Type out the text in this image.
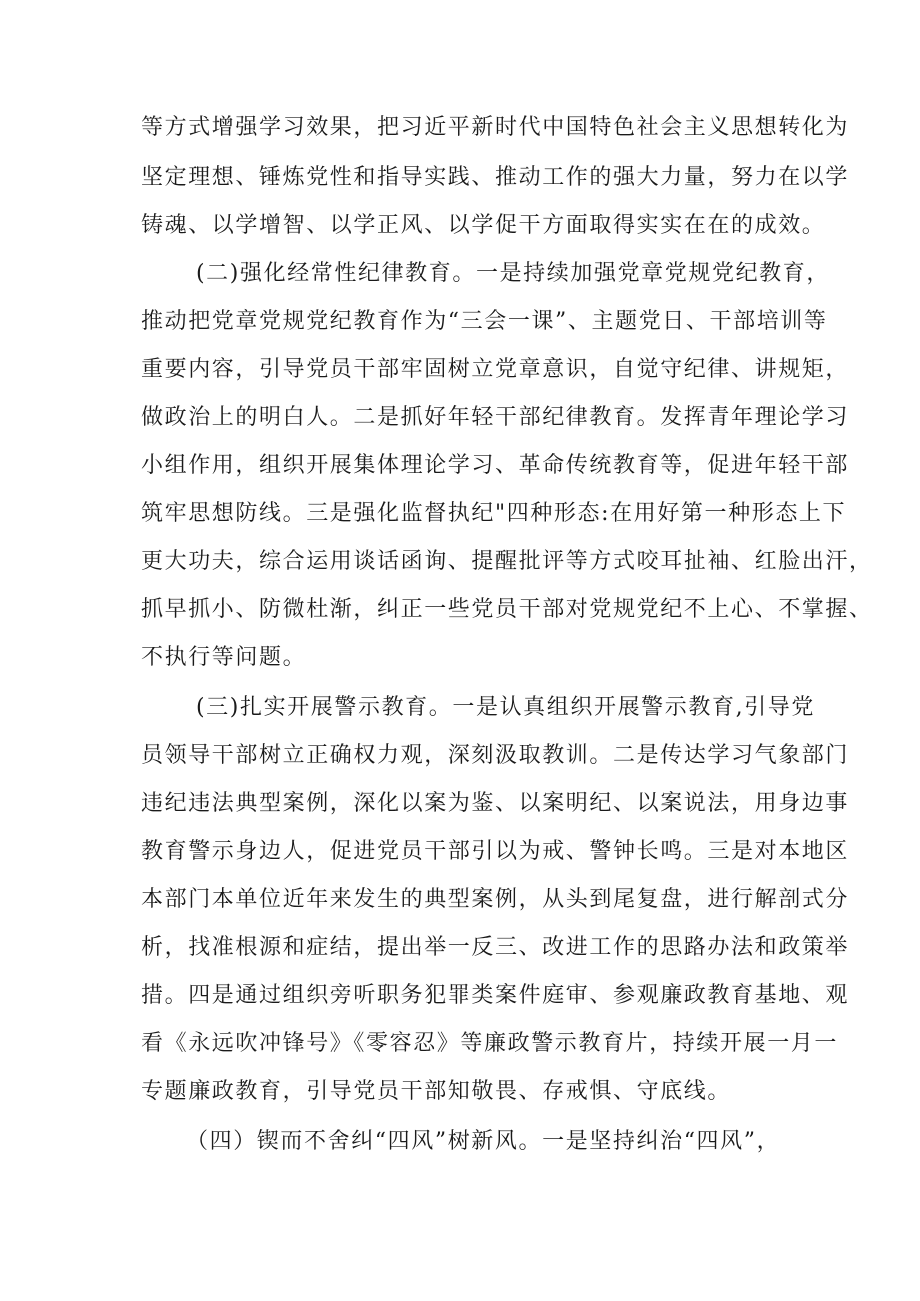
等方式增强学习效果，把习近平新时代中国特色社会主义思想转化为
坚定理想、锤炼党性和指导实践、推动工作的强大力量，努力在以学
铸魂、以学增智、以学正风、以学促干方面取得实实在在的成效。
(二)强化经常性纪律教育。一是持续加强党章党规党纪教育，
推动把党章党规党纪教育作为“三会一课”、主题党日、干部培训等
重要内容，引导党员干部牢固树立党章意识，自觉守纪律、讲规矩，
做政治上的明白人。二是抓好年轻干部纪律教育。发挥青年理论学习
小组作用，组织开展集体理论学习、革命传统教育等，促进年轻干部
筑牢思想防线。三是强化监督执纪"四种形态:在用好第一种形态上下
更大功夫，综合运用谈话函询、提醒批评等方式咬耳扯袖、红脸出汗，
抓早抓小、防微杜渐，纠正一些党员干部对党规党纪不上心、不掌握、
不执行等问题。
(三)扎实开展警示教育。一是认真组织开展警示教育,引导党
员领导干部树立正确权力观，深刻汲取教训。二是传达学习气象部门
违纪违法典型案例，深化以案为鉴、以案明纪、以案说法，用身边事
教育警示身边人，促进党员干部引以为戒、警钟长鸣。三是对本地区
本部门本单位近年来发生的典型案例，从头到尾复盘，进行解剖式分
析，找准根源和症结，提出举一反三、改进工作的思路办法和政策举
措。四是通过组织旁听职务犯罪类案件庭审、参观廉政教育基地、观
看《永远吹冲锋号》《零容忍》等廉政警示教育片，持续开展一月一
专题廉政教育，引导党员干部知敬畏、存戒惧、守底线。
（四）锲而不舍纠“四风”树新风。一是坚持纠治“四风”，
